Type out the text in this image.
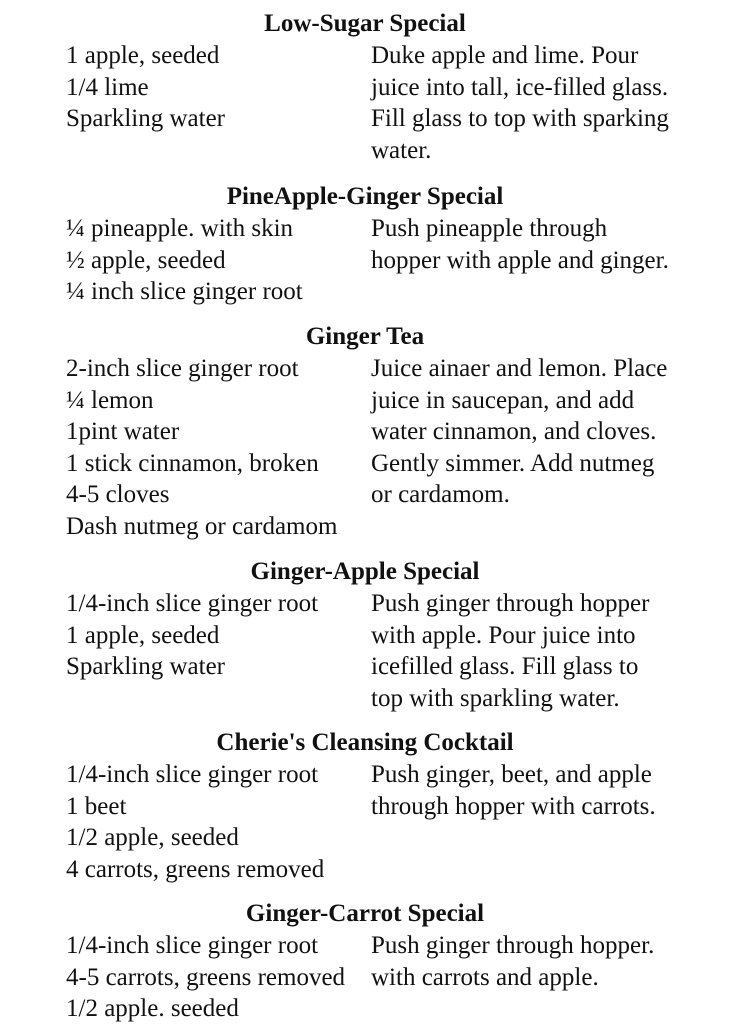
Low-Sugar Special
1 apple, seeded
1/4 lime
Sparkling water

Duke apple and lime. Pour
juice into tall, ice-filled glass.
Fill glass to top with sparking
water.

PineApple-Ginger Special
¼ pineapple. with skin
½ apple, seeded
¼ inch slice ginger root

Push pineapple through
hopper with apple and ginger.

Ginger Tea
2-inch slice ginger root
¼ lemon
1pint water
1 stick cinnamon, broken
4-5 cloves
Dash nutmeg or cardamom

Juice ainaer and lemon. Place
juice in saucepan, and add
water cinnamon, and cloves.
Gently simmer. Add nutmeg
or cardamom.

Ginger-Apple Special
1/4-inch slice ginger root
1 apple, seeded
Sparkling water

Push ginger through hopper
with apple. Pour juice into
icefilled glass. Fill glass to
top with sparkling water.

Cherie's Cleansing Cocktail
1/4-inch slice ginger root
1 beet
1/2 apple, seeded
4 carrots, greens removed

Push ginger, beet, and apple
through hopper with carrots.

Ginger-Carrot Special
1/4-inch slice ginger root
4-5 carrots, greens removed
1/2 apple. seeded

Push ginger through hopper.
with carrots and apple.
